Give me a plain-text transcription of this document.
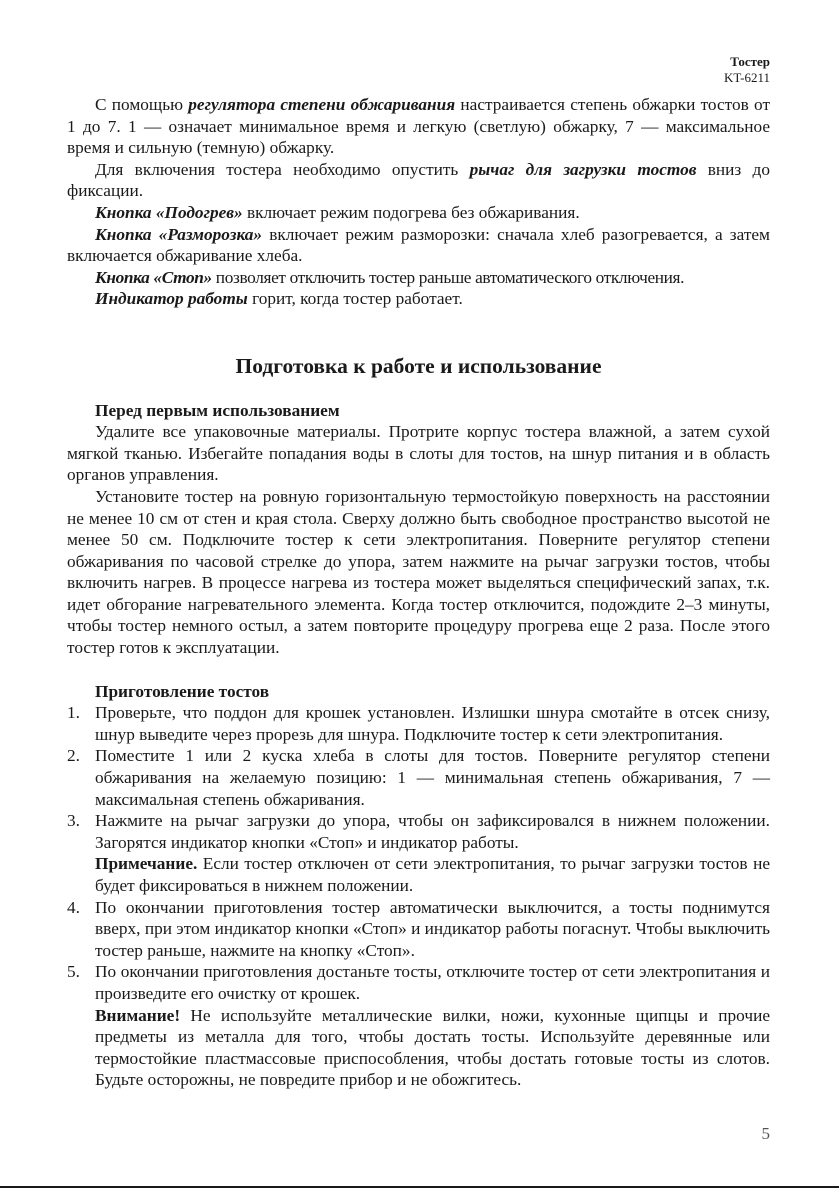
Тостер
KT-6211

С помощью регулятора степени обжаривания настраивается степень обжарки тостов от 1 до 7. 1 — означает минимальное время и легкую (светлую) обжарку, 7 — максимальное время и сильную (темную) обжарку.

Для включения тостера необходимо опустить рычаг для загрузки тостов вниз до фиксации.

Кнопка «Подогрев» включает режим подогрева без обжаривания.

Кнопка «Разморозка» включает режим разморозки: сначала хлеб разогревается, а затем включается обжаривание хлеба.

Кнопка «Стоп» позволяет отключить тостер раньше автоматического отключения.

Индикатор работы горит, когда тостер работает.

Подготовка к работе и использование
Перед первым использованием

Удалите все упаковочные материалы. Протрите корпус тостера влажной, а затем сухой мягкой тканью. Избегайте попадания воды в слоты для тостов, на шнур питания и в область органов управления.

Установите тостер на ровную горизонтальную термостойкую поверхность на расстоянии не менее 10 см от стен и края стола. Сверху должно быть свободное пространство высотой не менее 50 см. Подключите тостер к сети электропитания. Поверните регулятор степени обжаривания по часовой стрелке до упора, затем нажмите на рычаг загрузки тостов, чтобы включить нагрев. В процессе нагрева из тостера может выделяться специфический запах, т.к. идет обгорание нагревательного элемента. Когда тостер отключится, подождите 2–3 минуты, чтобы тостер немного остыл, а затем повторите процедуру прогрева еще 2 раза. После этого тостер готов к эксплуатации.

Приготовление тостов
1. Проверьте, что поддон для крошек установлен. Излишки шнура смотайте в отсек снизу, шнур выведите через прорезь для шнура. Подключите тостер к сети электропитания.
2. Поместите 1 или 2 куска хлеба в слоты для тостов. Поверните регулятор степени обжаривания на желаемую позицию: 1 — минимальная степень обжаривания, 7 — максимальная степень обжаривания.
3. Нажмите на рычаг загрузки до упора, чтобы он зафиксировался в нижнем положении. Загорятся индикатор кнопки «Стоп» и индикатор работы.

Примечание. Если тостер отключен от сети электропитания, то рычаг загрузки тостов не будет фиксироваться в нижнем положении.

4. По окончании приготовления тостер автоматически выключится, а тосты поднимутся вверх, при этом индикатор кнопки «Стоп» и индикатор работы погаснут. Чтобы выключить тостер раньше, нажмите на кнопку «Стоп».
5. По окончании приготовления достаньте тосты, отключите тостер от сети электропитания и произведите его очистку от крошек.

Внимание! Не используйте металлические вилки, ножи, кухонные щипцы и прочие предметы из металла для того, чтобы достать тосты. Используйте деревянные или термостойкие пластмассовые приспособления, чтобы достать готовые тосты из слотов. Будьте осторожны, не повредите прибор и не обожгитесь.

5
